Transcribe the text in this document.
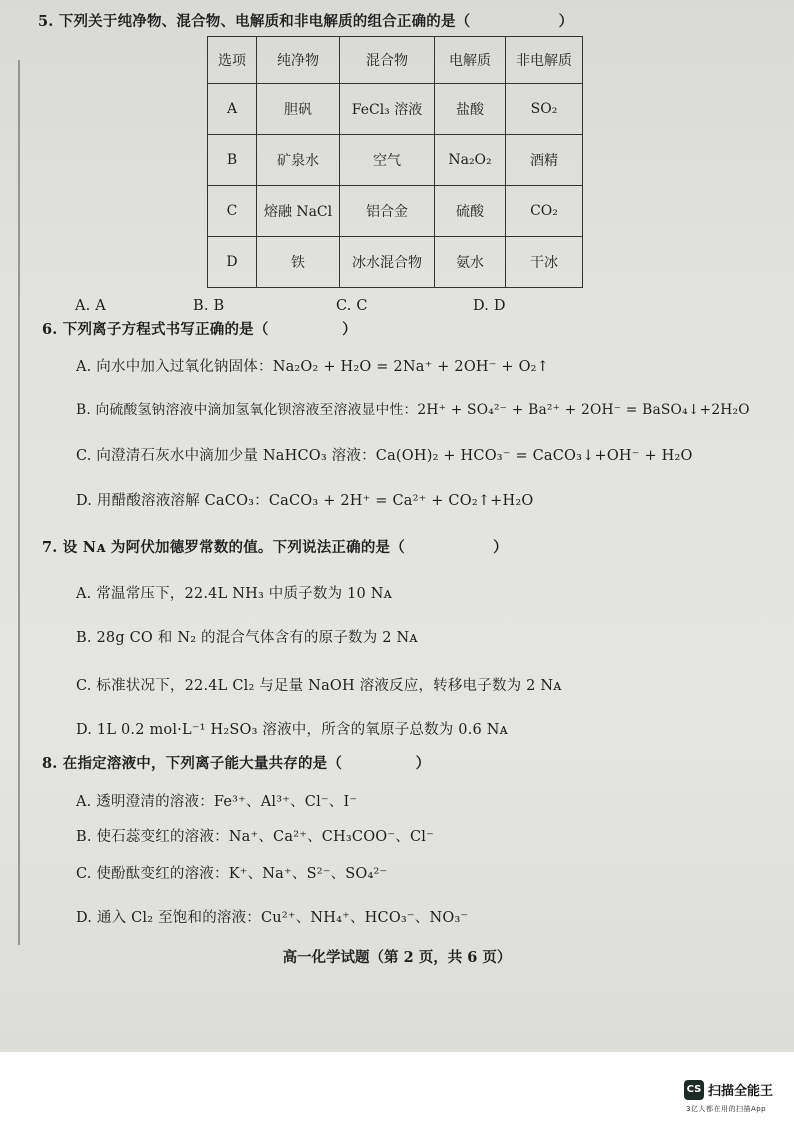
5. 下列关于纯净物、混合物、电解质和非电解质的组合正确的是（　　　　　　）
选项	纯净物	混合物	电解质	非电解质
A	胆矾	FeCl₃ 溶液	盐酸	SO₂
B	矿泉水	空气	Na₂O₂	酒精
C	熔融 NaCl	铝合金	硫酸	CO₂
D	铁	冰水混合物	氨水	干冰
A. A	B. B	C. C	D. D
6. 下列离子方程式书写正确的是（　　　　　）
A. 向水中加入过氧化钠固体：Na₂O₂ + H₂O = 2Na⁺ + 2OH⁻ + O₂↑
B. 向硫酸氢钠溶液中滴加氢氧化钡溶液至溶液显中性：2H⁺ + SO₄²⁻ + Ba²⁺ + 2OH⁻ = BaSO₄↓+2H₂O
C. 向澄清石灰水中滴加少量 NaHCO₃ 溶液：Ca(OH)₂ + HCO₃⁻ = CaCO₃↓+OH⁻ + H₂O
D. 用醋酸溶液溶解 CaCO₃：CaCO₃ + 2H⁺ = Ca²⁺ + CO₂↑+H₂O
7. 设 Nᴀ 为阿伏加德罗常数的值。下列说法正确的是（　　　　　　）
A. 常温常压下，22.4L NH₃ 中质子数为 10 Nᴀ
B. 28g CO 和 N₂ 的混合气体含有的原子数为 2 Nᴀ
C. 标准状况下，22.4L Cl₂ 与足量 NaOH 溶液反应，转移电子数为 2 Nᴀ
D. 1L 0.2 mol·L⁻¹ H₂SO₃ 溶液中，所含的氧原子总数为 0.6 Nᴀ
8. 在指定溶液中，下列离子能大量共存的是（　　　　　）
A. 透明澄清的溶液：Fe³⁺、Al³⁺、Cl⁻、I⁻
B. 使石蕊变红的溶液：Na⁺、Ca²⁺、CH₃COO⁻、Cl⁻
C. 使酚酞变红的溶液：K⁺、Na⁺、S²⁻、SO₄²⁻
D. 通入 Cl₂ 至饱和的溶液：Cu²⁺、NH₄⁺、HCO₃⁻、NO₃⁻
高一化学试题（第 2 页，共 6 页）
CS 扫描全能王
3亿人都在用的扫描App
